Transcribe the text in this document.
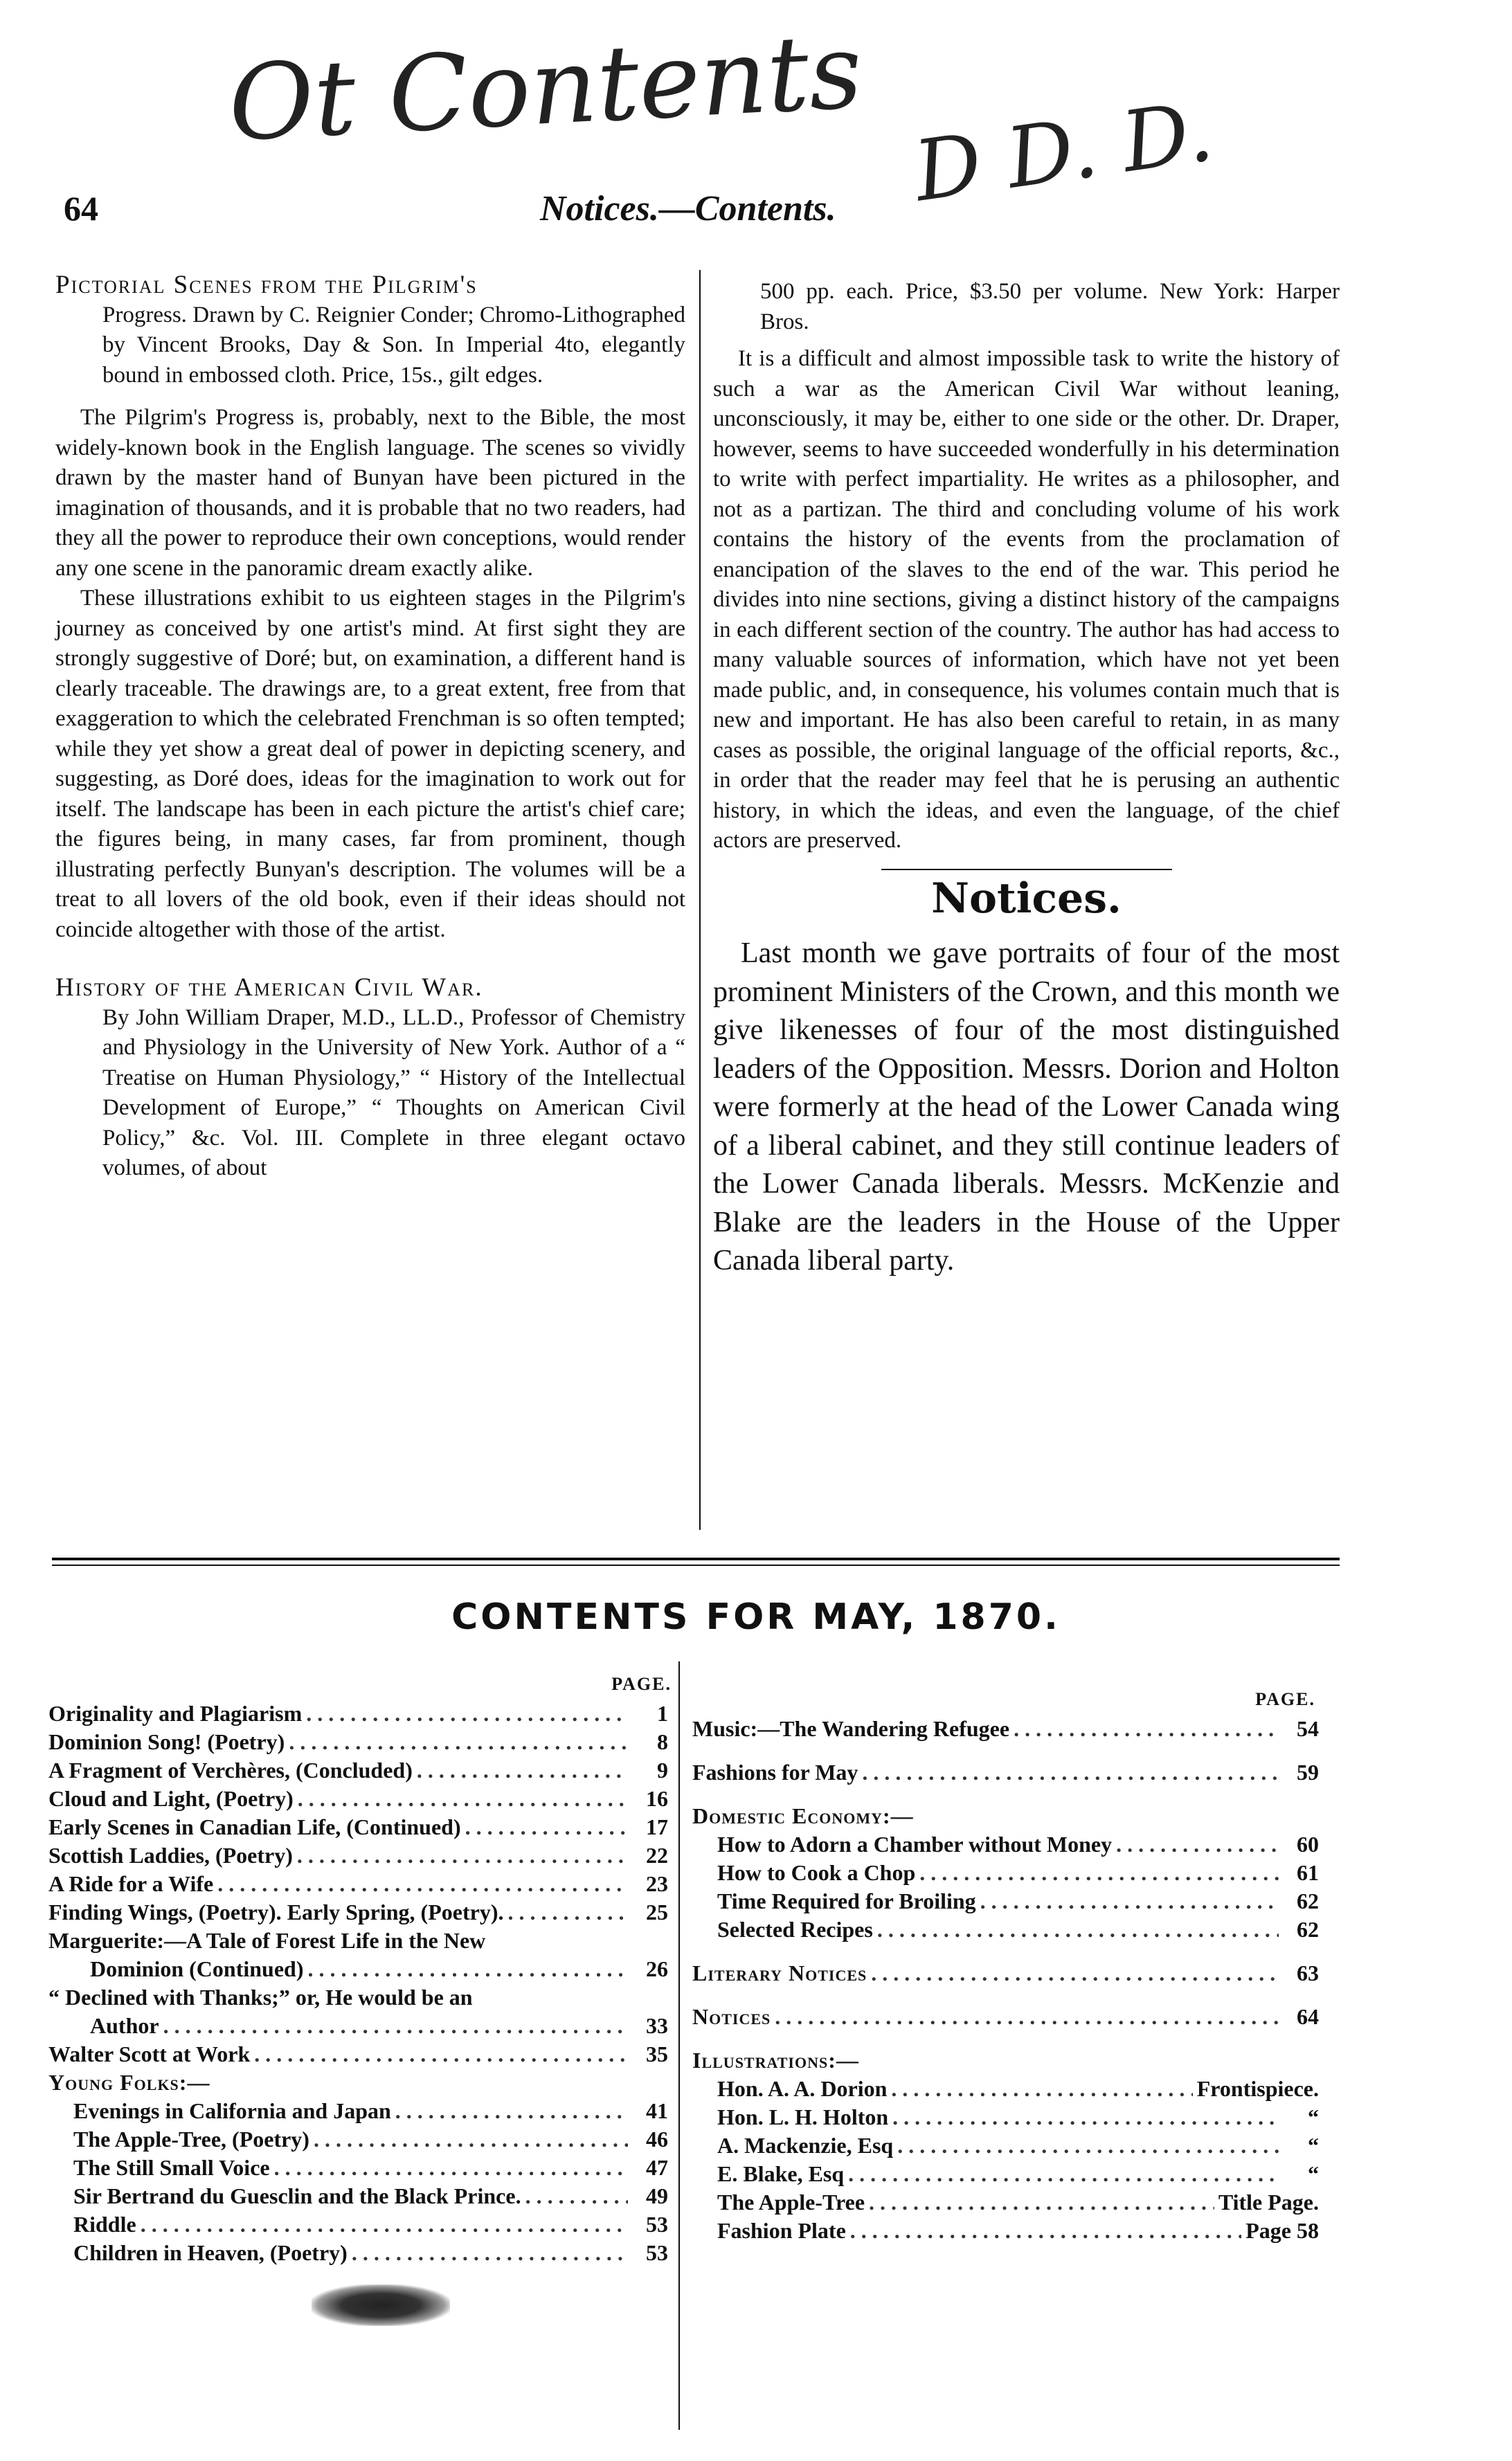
Ot Contents D D. D.
64	Notices.—Contents.
Pictorial Scenes from the Pilgrim's
Progress. Drawn by C. Reignier Conder; Chromo-Lithographed by Vincent Brooks, Day & Son. In Imperial 4to, elegantly bound in embossed cloth. Price, 15s., gilt edges.

The Pilgrim's Progress is, probably, next to the Bible, the most widely-known book in the English language. The scenes so vividly drawn by the master hand of Bunyan have been pictured in the imagination of thousands, and it is probable that no two readers, had they all the power to reproduce their own conceptions, would render any one scene in the panoramic dream exactly alike.

These illustrations exhibit to us eighteen stages in the Pilgrim's journey as conceived by one artist's mind. At first sight they are strongly suggestive of Doré; but, on examination, a different hand is clearly traceable. The drawings are, to a great extent, free from that exaggeration to which the celebrated Frenchman is so often tempted; while they yet show a great deal of power in depicting scenery, and suggesting, as Doré does, ideas for the imagination to work out for itself. The landscape has been in each picture the artist's chief care; the figures being, in many cases, far from prominent, though illustrating perfectly Bunyan's description. The volumes will be a treat to all lovers of the old book, even if their ideas should not coincide altogether with those of the artist.

History of the American Civil War.
By John William Draper, M.D., LL.D., Professor of Chemistry and Physiology in the University of New York. Author of a “ Treatise on Human Physiology,” “ History of the Intellectual Development of Europe,” “ Thoughts on American Civil Policy,” &c. Vol. III. Complete in three elegant octavo volumes, of about
500 pp. each. Price, $3.50 per volume. New York: Harper Bros.

It is a difficult and almost impossible task to write the history of such a war as the American Civil War without leaning, unconsciously, it may be, either to one side or the other. Dr. Draper, however, seems to have succeeded wonderfully in his determination to write with perfect impartiality. He writes as a philosopher, and not as a partizan. The third and concluding volume of his work contains the history of the events from the proclamation of enancipation of the slaves to the end of the war. This period he divides into nine sections, giving a distinct history of the campaigns in each different section of the country. The author has had access to many valuable sources of information, which have not yet been made public, and, in consequence, his volumes contain much that is new and important. He has also been careful to retain, in as many cases as possible, the original language of the official reports, &c., in order that the reader may feel that he is perusing an authentic history, in which the ideas, and even the language, of the chief actors are preserved.

Notices.

Last month we gave portraits of four of the most prominent Ministers of the Crown, and this month we give likenesses of four of the most distinguished leaders of the Opposition. Messrs. Dorion and Holton were formerly at the head of the Lower Canada wing of a liberal cabinet, and they still continue leaders of the Lower Canada liberals. Messrs. McKenzie and Blake are the leaders in the House of the Upper Canada liberal party.

CONTENTS FOR MAY, 1870.
PAGE.
Originality and Plagiarism . . .	1
Dominion Song! (Poetry) . . .	8
A Fragment of Verchères, (Concluded) . . .	9
Cloud and Light, (Poetry) . . .	16
Early Scenes in Canadian Life, (Continued) . . .	17
Scottish Laddies, (Poetry) . . .	22
A Ride for a Wife . . .	23
Finding Wings, (Poetry). Early Spring, (Poetry). . . .	25
Marguerite:—A Tale of Forest Life in the New
Dominion (Continued) . . .	26
“ Declined with Thanks;” or, He would be an
Author . . .	33
Walter Scott at Work . . .	35
Young Folks:—
Evenings in California and Japan . . .	41
The Apple-Tree, (Poetry) . . .	46
The Still Small Voice . . .	47
Sir Bertrand du Guesclin and the Black Prince. . . .	49
Riddle . . .	53
Children in Heaven, (Poetry) . . .	53
PAGE.
Music:—The Wandering Refugee . . .	54
Fashions for May . . .	59
Domestic Economy:—
How to Adorn a Chamber without Money . . .	60
How to Cook a Chop . . .	61
Time Required for Broiling . . .	62
Selected Recipes . . .	62
Literary Notices . . .	63
Notices . . .	64
Illustrations:—
Hon. A. A. Dorion . . .	Frontispiece.
Hon. L. H. Holton . . .	“
A. Mackenzie, Esq . . .	“
E. Blake, Esq . . .	“
The Apple-Tree . . .	Title Page.
Fashion Plate . . .	Page 58
